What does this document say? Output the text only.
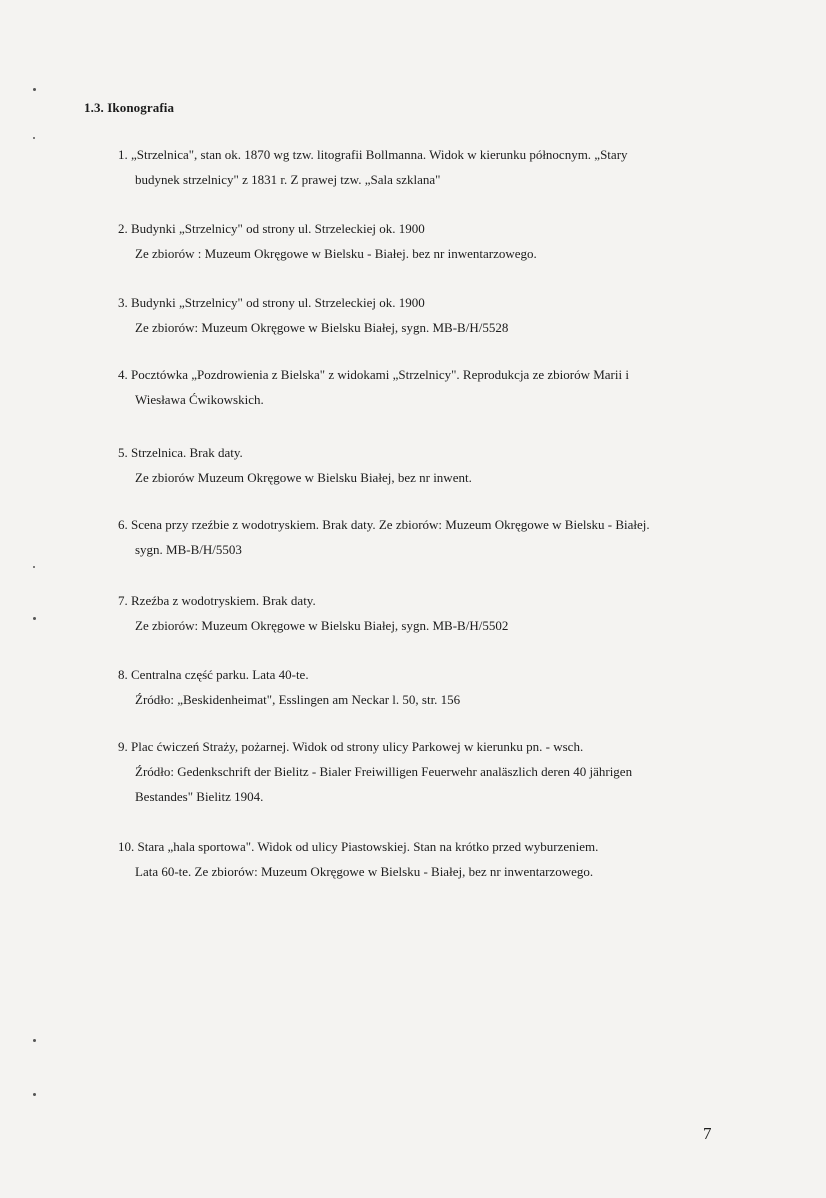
1.3. Ikonografia
1. „Strzelnica", stan ok. 1870 wg tzw. litografii Bollmanna. Widok w kierunku północnym. „Stary
budynek strzelnicy" z 1831 r. Z prawej tzw. „Sala szklana"
2. Budynki „Strzelnicy" od strony ul. Strzeleckiej ok. 1900
Ze zbiorów : Muzeum Okręgowe w Bielsku - Białej. bez nr inwentarzowego.
3. Budynki „Strzelnicy" od strony ul. Strzeleckiej ok. 1900
Ze zbiorów: Muzeum Okręgowe w Bielsku Białej, sygn. MB-B/H/5528
4. Pocztówka „Pozdrowienia z Bielska" z widokami „Strzelnicy". Reprodukcja ze zbiorów Marii i
Wiesława Ćwikowskich.
5. Strzelnica. Brak daty.
Ze zbiorów Muzeum Okręgowe w Bielsku Białej, bez nr inwent.
6. Scena przy rzeźbie z wodotryskiem. Brak daty. Ze zbiorów: Muzeum Okręgowe w Bielsku - Białej.
sygn. MB-B/H/5503
7. Rzeźba z wodotryskiem. Brak daty.
Ze zbiorów: Muzeum Okręgowe w Bielsku Białej, sygn. MB-B/H/5502
8. Centralna część parku. Lata 40-te.
Źródło: „Beskidenheimat", Esslingen am Neckar l. 50, str. 156
9. Plac ćwiczeń Straży, pożarnej. Widok od strony ulicy Parkowej w kierunku pn. - wsch.
Źródło: Gedenkschrift der Bielitz - Bialer Freiwilligen Feuerwehr analäszlich deren 40 jährigen
Bestandes" Bielitz 1904.
10. Stara „hala sportowa". Widok od ulicy Piastowskiej. Stan na krótko przed wyburzeniem.
Lata 60-te. Ze zbiorów: Muzeum Okręgowe w Bielsku - Białej, bez nr inwentarzowego.
7
